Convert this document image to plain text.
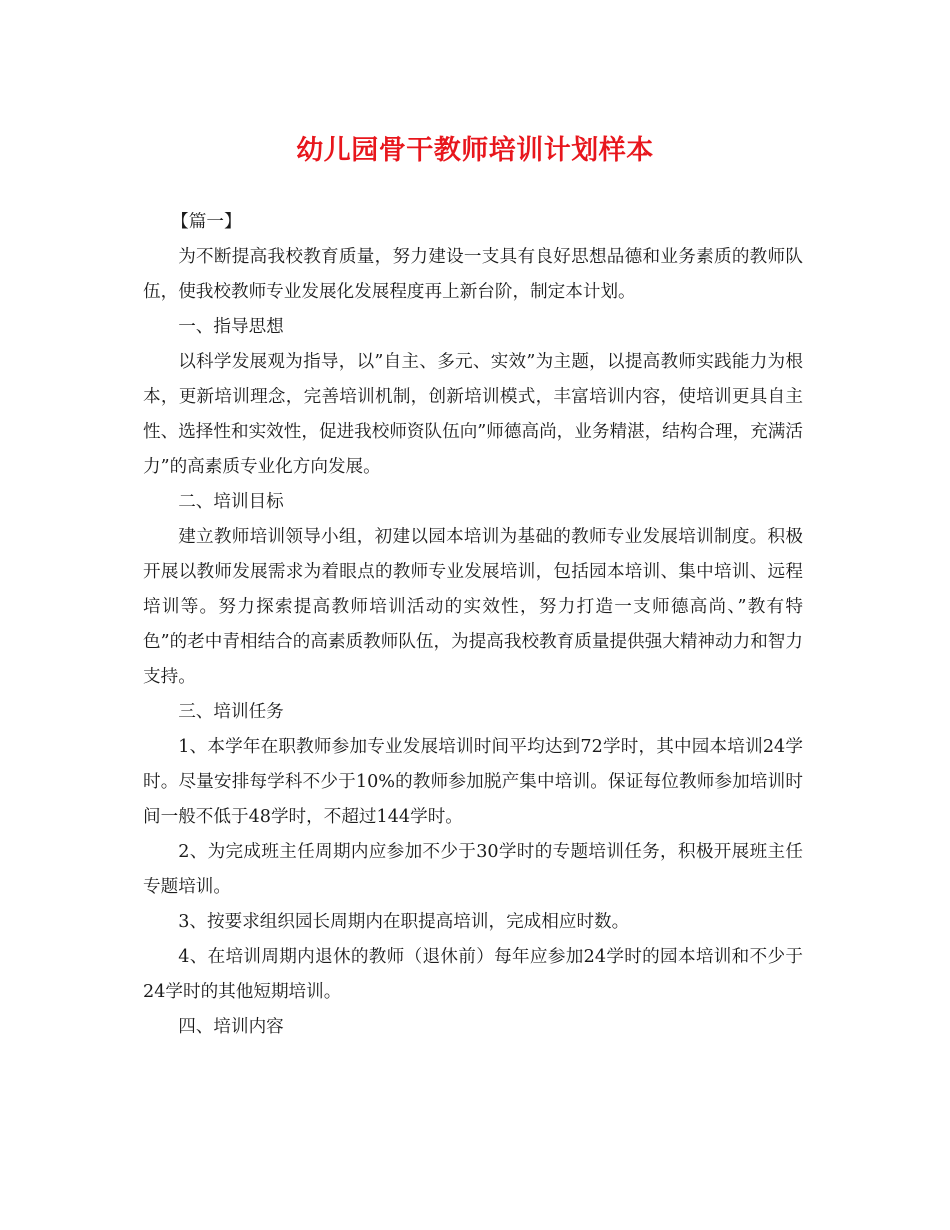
幼儿园骨干教师培训计划样本

【篇一】

为不断提高我校教育质量，努力建设一支具有良好思想品德和业务素质的教师队伍，使我校教师专业发展化发展程度再上新台阶，制定本计划。

一、指导思想

以科学发展观为指导，以”自主、多元、实效”为主题，以提高教师实践能力为根本，更新培训理念，完善培训机制，创新培训模式，丰富培训内容，使培训更具自主性、选择性和实效性，促进我校师资队伍向”师德高尚，业务精湛，结构合理，充满活力”的高素质专业化方向发展。

二、培训目标

建立教师培训领导小组，初建以园本培训为基础的教师专业发展培训制度。积极开展以教师发展需求为着眼点的教师专业发展培训，包括园本培训、集中培训、远程培训等。努力探索提高教师培训活动的实效性，努力打造一支师德高尚、”教有特色”的老中青相结合的高素质教师队伍，为提高我校教育质量提供强大精神动力和智力支持。

三、培训任务

1、本学年在职教师参加专业发展培训时间平均达到72学时，其中园本培训24学时。尽量安排每学科不少于10%的教师参加脱产集中培训。保证每位教师参加培训时间一般不低于48学时，不超过144学时。

2、为完成班主任周期内应参加不少于30学时的专题培训任务，积极开展班主任专题培训。

3、按要求组织园长周期内在职提高培训，完成相应时数。

4、在培训周期内退休的教师（退休前）每年应参加24学时的园本培训和不少于24学时的其他短期培训。

四、培训内容
